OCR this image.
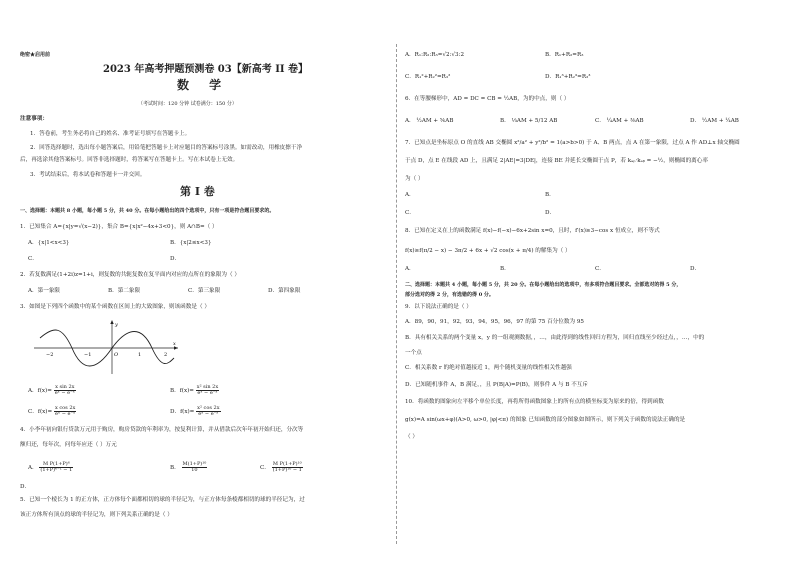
绝密★启用前
2023 年高考押题预测卷 03【新高考 II 卷】
数 学
（考试时间：120 分钟 试卷满分：150 分）
注意事项：
1．答卷前，考生务必将自己的姓名、准考证号填写在答题卡上。
2．回答选择题时，选出每小题答案后，用铅笔把答题卡上对应题目的答案标号涂黑。如需改动，用橡皮擦干净
后，再选涂其他答案标号。回答非选择题时，将答案写在答题卡上。写在本试卷上无效。
3．考试结束后，将本试卷和答题卡一并交回。
第 I 卷
一、选择题：本题共 8 小题，每小题 5 分，共 40 分。在每小题给出的四个选项中，只有一项是符合题目要求的。
1．已知集合 A={x|y=√(x−2)}，集合 B={x|x²−4x+3<0}，则 A∩B=（ ）
A．{x|1<x<3}	B．{x|2≤x<3}
C．	D．
2．若复数满足(1+2i)z=1+i，则复数的共轭复数在复平面内对应的点所在的象限为（ ）
A．第一象限	B．第二象限	C．第三象限	D．第四象限
3．如图是下列四个函数中的某个函数在区间上的大致图象，则该函数是（ ）
−2	−1	O	1	2
x
y
A．$f(x)= \frac{\text{x sin 2x}}{\text{eˣ − e⁻ˣ}}$	B．$f(x)= \frac{\text{x² sin 2x}}{\text{eˣ − e⁻ˣ}}$
C．$f(x)= \frac{\text{x cos 2x}}{\text{eˣ − e⁻ˣ}}$	D．$f(x)= \frac{\text{x² cos 2x}}{\text{eˣ − e⁻ˣ}}$
4．小李年初向银行贷款万元用于购房，购房贷款的年利率为，按复利计算，并从借款后次年年初开始归还，分次等
额归还，每年次，问每年应还（ ）万元
A． $\frac{\text{M P(1+P)⁶}}{\text{(1+P)⁶⁻¹ − 1}}$	B． $\frac{\text{M(1+P)¹⁰}}{10}$	C． $\frac{\text{M P(1+P)¹⁰}}{\text{(1+P)¹⁰ − 1}}$
D．
5．已知一个棱长为 1 的正方体，正方体每个面都相切的球的半径记为，与正方体每条棱都相切的球的半径记为，过
该正方体所有顶点的球的半径记为，则下列关系正确的是（ ）
A．R₁:R₂:R₃=√2:√3:2	B．R₁+R₂=R₃
C．R₁²+R₂²=R₃²	D．R₁³+R₂³=R₃³
6．在等腰梯形中，AD = DC = CB = ½AB，为的中点，则（ ）
A． ½AM + ⅚AB	B． ⅓AM + 5/12 AB	C． ¼AM + ⅜AB	D． ½AM + ¼AB
7．已知点是坐标原点 O 的直线 AB 交椭圆 x²/a² + y²/b² = 1(a>b>0) 于 A、B 两点，点 A 在第一象限，过点 A 作 AD⊥x 轴交椭圆
于点 D，点 E 在线段 AD 上，且满足 2|AE|=3|DE|，连接 BE 并延长交椭圆于点 P，若 kₐₚ·kₐᵦ = −½，则椭圆的离心率
为（ ）
A．	B．
C．	D．
8．已知在定义在上的函数满足 f(x)−f(−x)−6x+2sin x=0，且时，f′(x)≥3−cos x 恒成立，则不等式
f(x)≥f(π/2 − x) − 3π/2 + 6x + √2 cos(x + π/4) 的解集为（ ）
A．	B．	C．	D．
二、选择题：本题共 4 小题，每小题 5 分，共 20 分。在每小题给出的选项中，有多项符合题目要求。全部选对的得 5 分，
部分选对的得 2 分，有选错的得 0 分。
9．以下说法正确的是（ ）
A．89，90，91，92，93，94，95，96，97 的第 75 百分位数为 95
B．具有相关关系的两个变量 x，y 的一组观测数据，，…，由此得到的线性回归方程为，回归直线至少经过点，，…，中的
一个点
C．相关系数 r 的绝对值越接近 1，两个随机变量的线性相关性越强
D．已知随机事件 A，B 满足，，且 P(B|A)=P(B)，则事件 A 与 B 不互斥
10．将函数的图象向左平移个单位长度，再将所得函数图象上的所有点的横坐标变为原来的倍，得到函数
g(x)=A sin(ωx+φ)(A>0, ω>0, |φ|<π) 的图象 已知函数的部分图象如图所示，则下列关于函数的说法正确的是
（ ）
